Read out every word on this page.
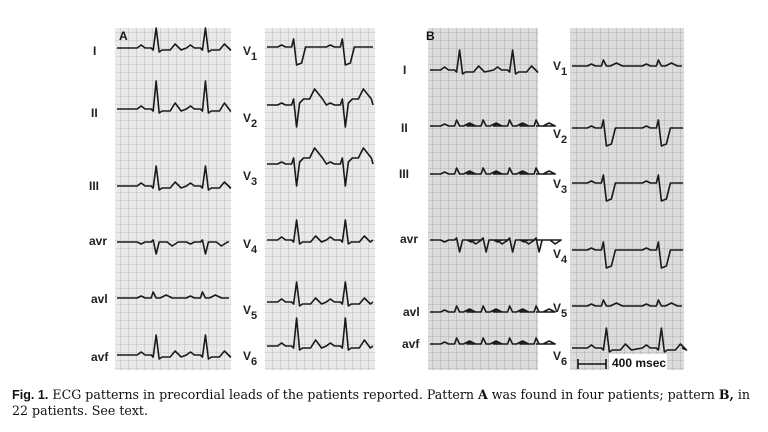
A	B
I
II
III
avr
avl
avf
V1
V2
V3
V4
V5
V6
I
II
III
avr
avl
avf
V1
V2
V3
V4
V5
V6	400 msec
Fig. 1. ECG patterns in precordial leads of the patients reported. Pattern A was found in four patients; pattern B, in 22 patients. See text.
